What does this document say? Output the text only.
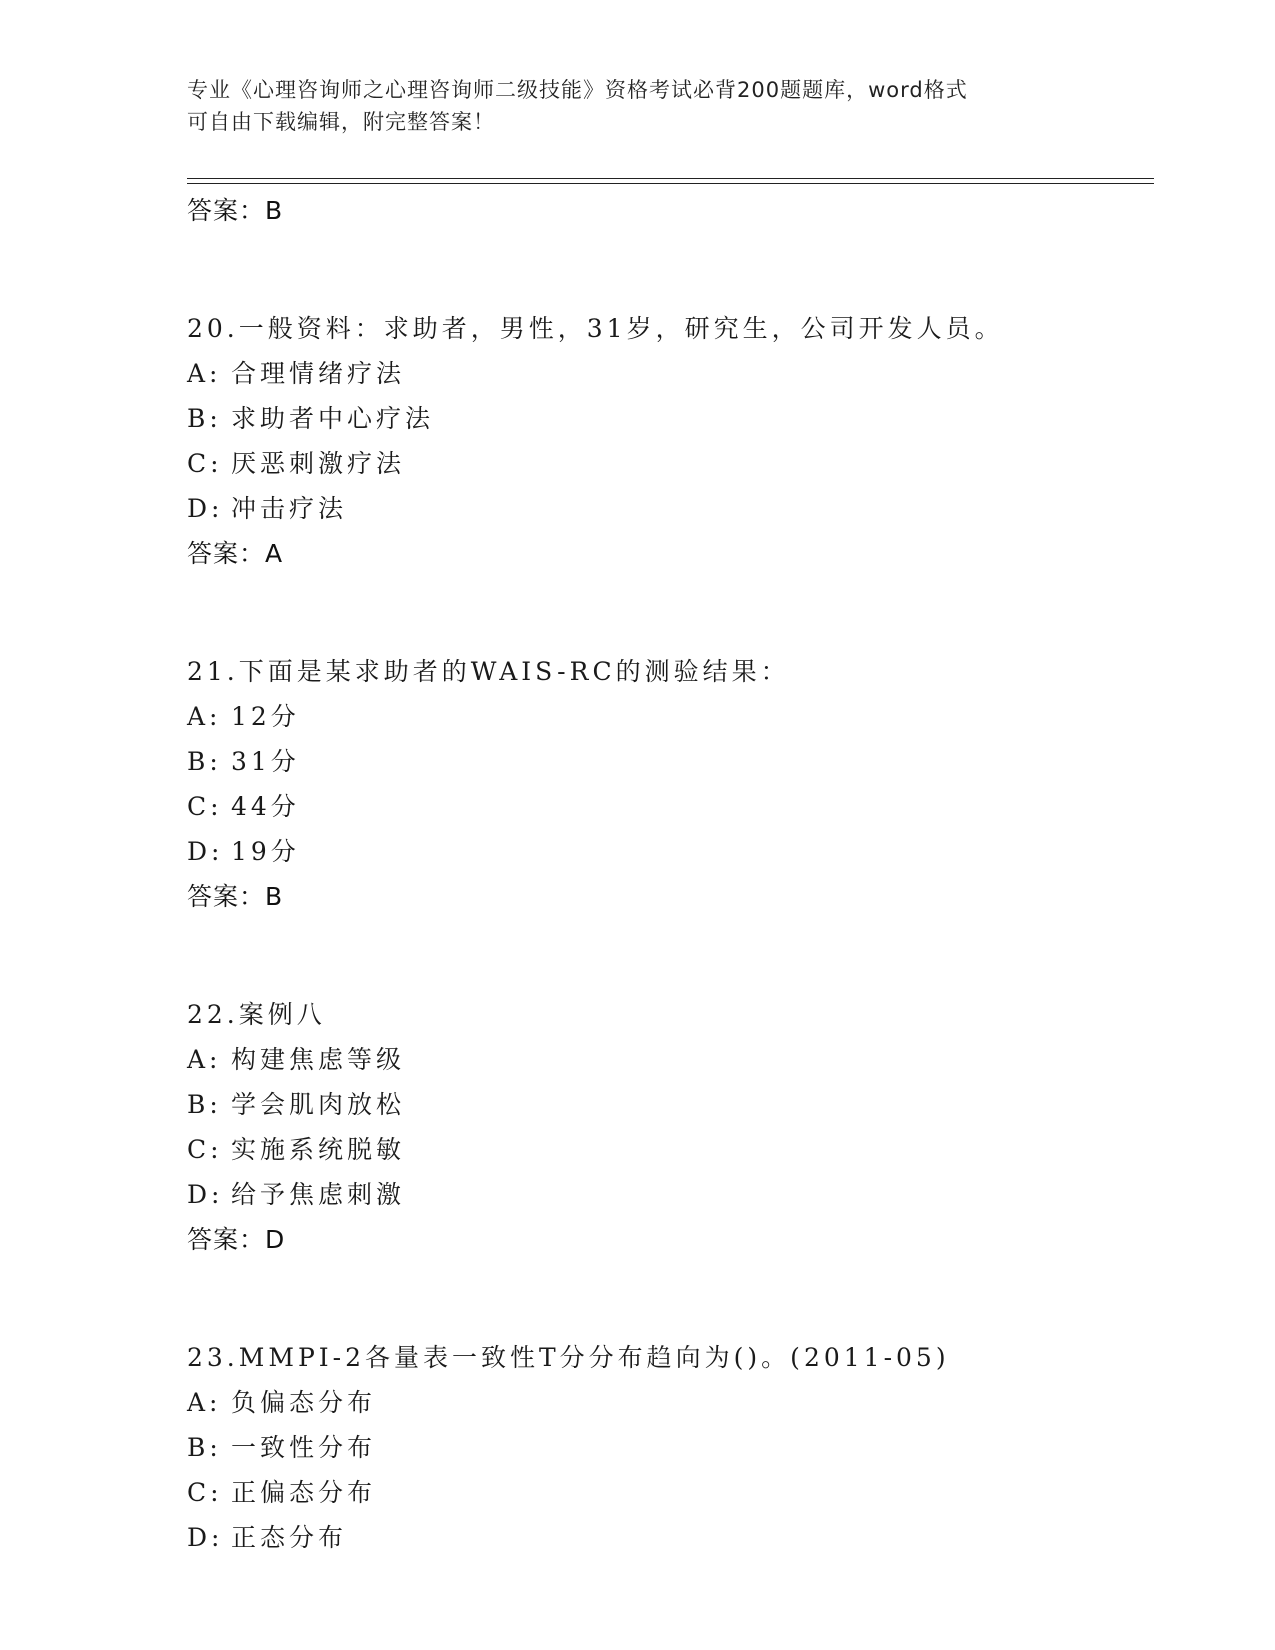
专业《心理咨询师之心理咨询师二级技能》资格考试必背200题题库，word格式
可自由下载编辑，附完整答案！
答案：B
20.一般资料：求助者，男性，31岁，研究生，公司开发人员。
A: 合理情绪疗法
B: 求助者中心疗法
C: 厌恶刺激疗法
D: 冲击疗法
答案：A
21.下面是某求助者的WAIS-RC的测验结果：
A: 12分
B: 31分
C: 44分
D: 19分
答案：B
22.案例八
A: 构建焦虑等级
B: 学会肌肉放松
C: 实施系统脱敏
D: 给予焦虑刺激
答案：D
23.MMPI-2各量表一致性T分分布趋向为()。(2011-05)
A: 负偏态分布
B: 一致性分布
C: 正偏态分布
D: 正态分布
